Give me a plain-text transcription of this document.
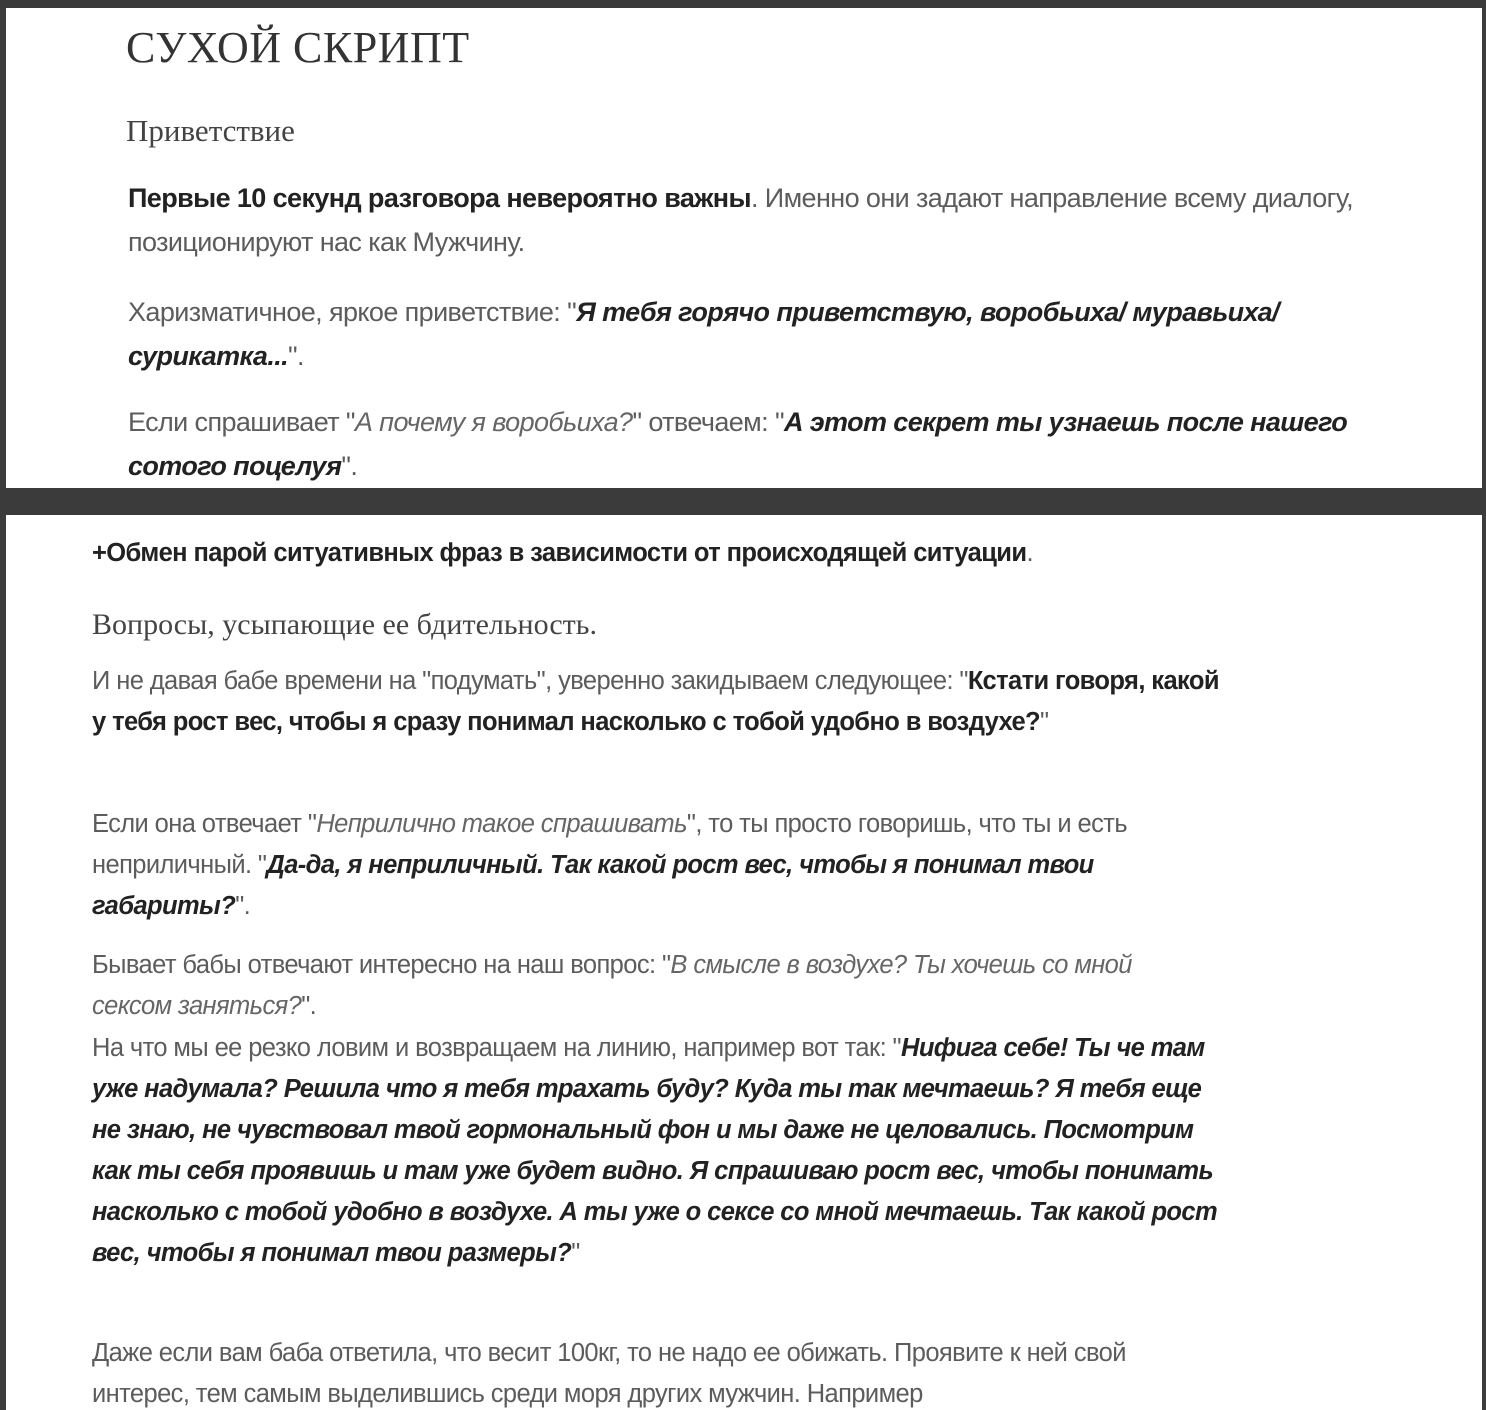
СУХОЙ СКРИПТ
Приветствие

Первые 10 секунд разговора невероятно важны. Именно они задают направление всему диалогу, позиционируют нас как Мужчину.

Харизматичное, яркое приветствие: "Я тебя горячо приветствую, воробьиха/ муравьиха/сурикатка...".

Если спрашивает "А почему я воробьиха?" отвечаем: "А этот секрет ты узнаешь после нашего сотого поцелуя".

+Обмен парой ситуативных фраз в зависимости от происходящей ситуации.

Вопросы, усыпающие ее бдительность.

И не давая бабе времени на "подумать", уверенно закидываем следующее: "Кстати говоря, какой у тебя рост вес, чтобы я сразу понимал насколько с тобой удобно в воздухе?"

Если она отвечает "Неприлично такое спрашивать", то ты просто говоришь, что ты и есть неприличный. "Да-да, я неприличный. Так какой рост вес, чтобы я понимал твои габариты?".

Бывает бабы отвечают интересно на наш вопрос: "В смысле в воздухе? Ты хочешь со мной сексом заняться?".

На что мы ее резко ловим и возвращаем на линию, например вот так: "Нифига себе! Ты че там уже надумала? Решила что я тебя трахать буду? Куда ты так мечтаешь? Я тебя еще не знаю, не чувствовал твой гормональный фон и мы даже не целовались. Посмотрим как ты себя проявишь и там уже будет видно. Я спрашиваю рост вес, чтобы понимать насколько с тобой удобно в воздухе. А ты уже о сексе со мной мечтаешь. Так какой рост вес, чтобы я понимал твои размеры?"

Даже если вам баба ответила, что весит 100кг, то не надо ее обижать. Проявите к ней свой интерес, тем самым выделившись среди моря других мужчин. Например
